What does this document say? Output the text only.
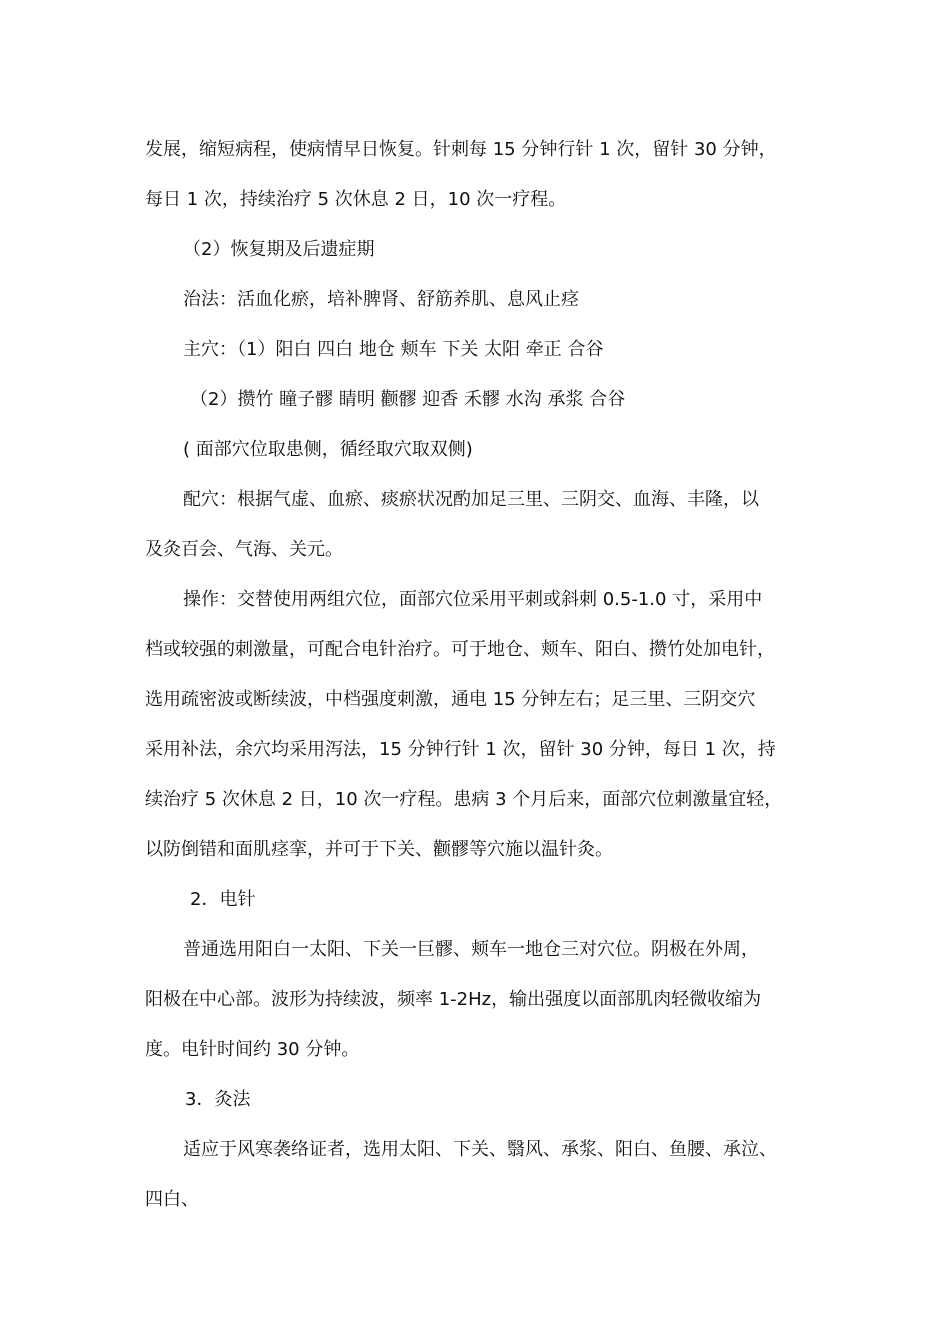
发展，缩短病程，使病情早日恢复。针刺每 15 分钟行针 1 次，留针 30 分钟，
每日 1 次，持续治疗 5 次休息 2 日，10 次一疗程。
（2）恢复期及后遗症期
治法：活血化瘀，培补脾肾、舒筋养肌、息风止痉
主穴：（1）阳白 四白 地仓 颊车 下关 太阳 牵正 合谷
（2）攒竹 瞳子髎 睛明 颧髎 迎香 禾髎 水沟 承浆 合谷
( 面部穴位取患侧，循经取穴取双侧)
配穴：根据气虚、血瘀、痰瘀状况酌加足三里、三阴交、血海、丰隆，以
及灸百会、气海、关元。
操作：交替使用两组穴位，面部穴位采用平刺或斜刺 0.5-1.0 寸，采用中
档或较强的刺激量，可配合电针治疗。可于地仓、颊车、阳白、攒竹处加电针，
选用疏密波或断续波，中档强度刺激，通电 15 分钟左右；足三里、三阴交穴
采用补法，余穴均采用泻法，15 分钟行针 1 次，留针 30 分钟，每日 1 次，持
续治疗 5 次休息 2 日，10 次一疗程。患病 3 个月后来，面部穴位刺激量宜轻，
以防倒错和面肌痉挛，并可于下关、颧髎等穴施以温针灸。
2．电针
普通选用阳白一太阳、下关一巨髎、颊车一地仓三对穴位。阴极在外周，
阳极在中心部。波形为持续波，频率 1-2Hz，输出强度以面部肌肉轻微收缩为
度。电针时间约 30 分钟。
3．灸法
适应于风寒袭络证者，选用太阳、下关、翳风、承浆、阳白、鱼腰、承泣、
四白、
